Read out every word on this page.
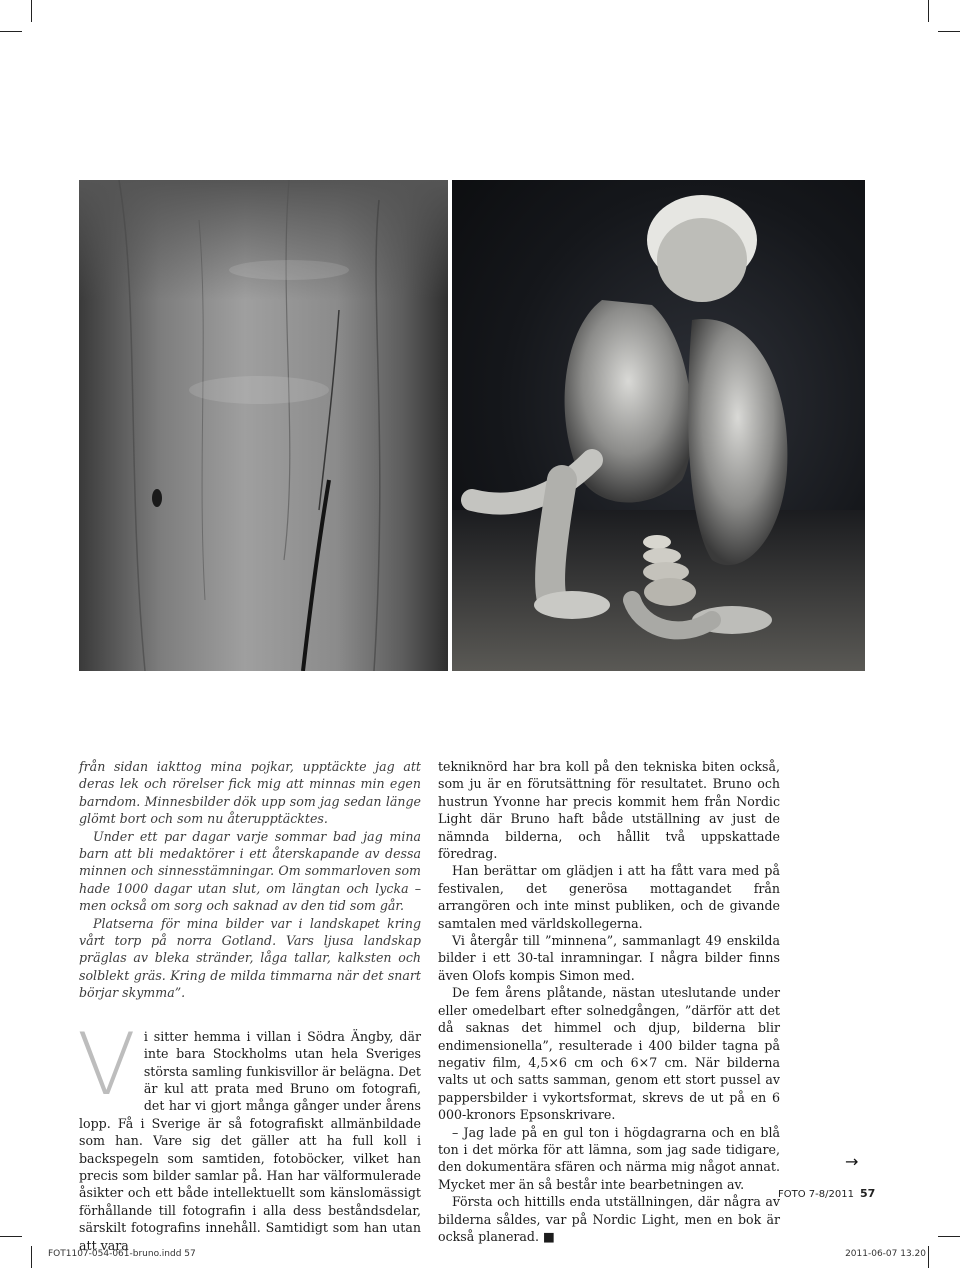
från sidan iakttog mina pojkar, upptäckte jag att deras lek och rörelser fick mig att minnas min egen barndom. Minnesbilder dök upp som jag sedan länge glömt bort och som nu återupptäcktes.

Under ett par dagar varje sommar bad jag mina barn att bli medaktörer i ett återskapande av dessa minnen och sinnesstämningar. Om sommarloven som hade 1000 dagar utan slut, om längtan och lycka – men också om sorg och saknad av den tid som går.

Platserna för mina bilder var i landskapet kring vårt torp på norra Gotland. Vars ljusa landskap präglas av bleka stränder, låga tallar, kalksten och solblekt gräs. Kring de milda timmarna när det snart börjar skymma”.

Vi sitter hemma i villan i Södra Ängby, där inte bara Stockholms utan hela Sveriges största samling funkisvillor är belägna. Det är kul att prata med Bruno om fotografi, det har vi gjort många gånger under årens lopp. Få i Sverige är så fotografiskt allmänbildade som han. Vare sig det gäller att ha full koll i backspegeln som samtiden, fotoböcker, vilket han precis som bilder samlar på. Han har välformulerade åsikter och ett både intellektuellt som känslomässigt förhållande till fotografin i alla dess beståndsdelar, särskilt fotografins innehåll. Samtidigt som han utan att vara

tekniknörd har bra koll på den tekniska biten också, som ju är en förutsättning för resultatet. Bruno och hustrun Yvonne har precis kommit hem från Nordic Light där Bruno haft både utställning av just de nämnda bilderna, och hållit två uppskattade föredrag.

Han berättar om glädjen i att ha fått vara med på festivalen, det generösa mottagandet från arrangören och inte minst publiken, och de givande samtalen med världskollegerna.

Vi återgår till ”minnena”, sammanlagt 49 enskilda bilder i ett 30-tal inramningar. I några bilder finns även Olofs kompis Simon med.

De fem årens plåtande, nästan uteslutande under eller omedelbart efter solnedgången, ”därför att det då saknas det himmel och djup, bilderna blir endimensionella”, resulterade i 400 bilder tagna på negativ film, 4,5×6 cm och 6×7 cm. När bilderna valts ut och satts samman, genom ett stort pussel av pappersbilder i vykortsformat, skrevs de ut på en 6 000-kronors Epsonskrivare.

– Jag lade på en gul ton i högdagrarna och en blå ton i det mörka för att lämna, som jag sade tidigare, den dokumentära sfären och närma mig något annat. Mycket mer än så består inte bearbetningen av.

Första och hittills enda utställningen, där några av bilderna såldes, var på Nordic Light, men en bok är också planerad. ■

→
FOTO 7-8/2011 57
FOT1107-054-061-bruno.indd 57	2011-06-07 13.20
